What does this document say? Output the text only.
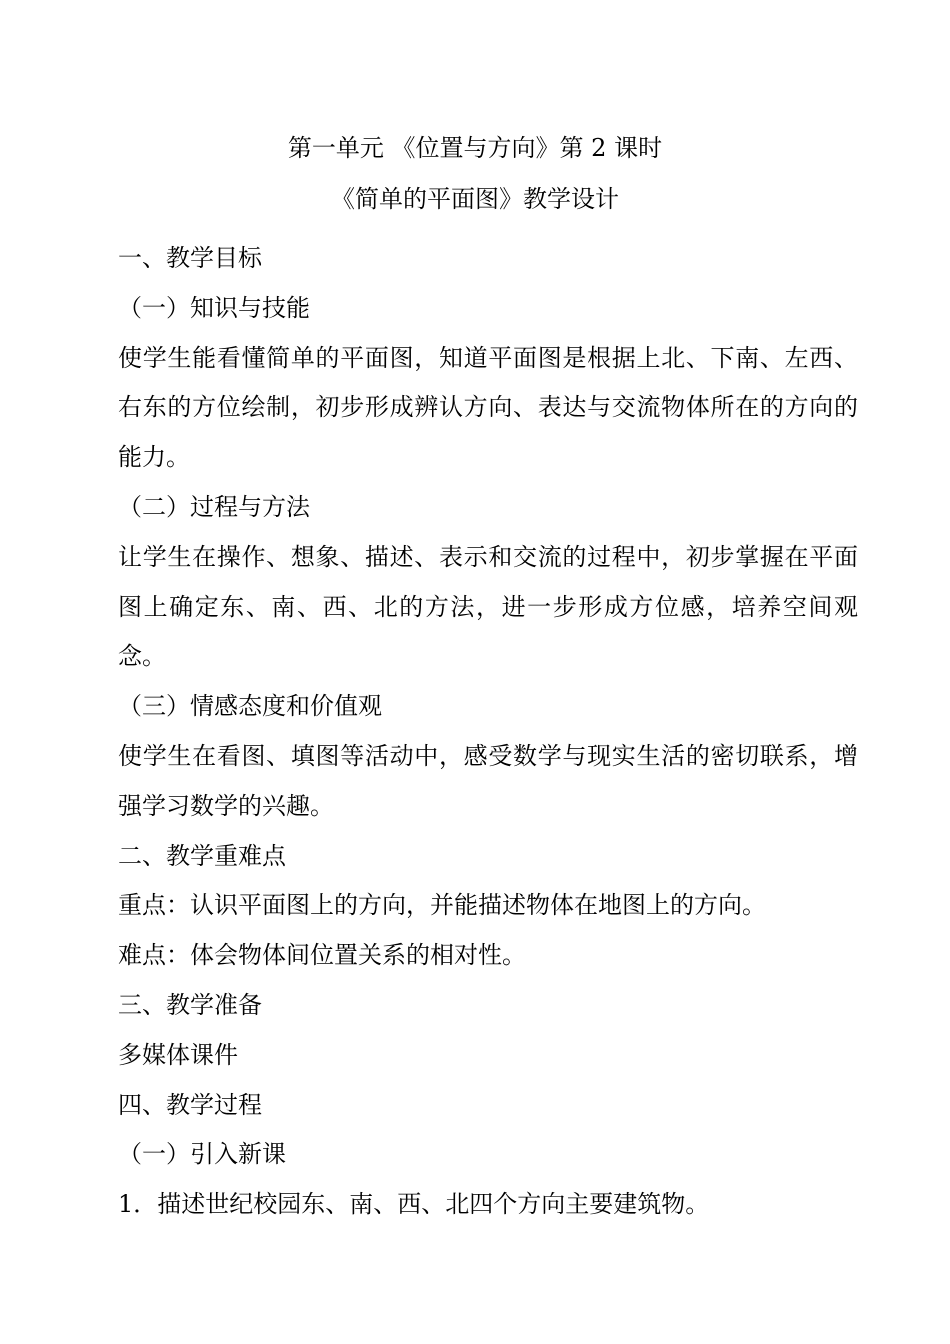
第一单元 《位置与方向》第 2 课时
《简单的平面图》教学设计
一、教学目标
（一）知识与技能
使学生能看懂简单的平面图，知道平面图是根据上北、下南、左西、右东的方位绘制，初步形成辨认方向、表达与交流物体所在的方向的能力。
（二）过程与方法
让学生在操作、想象、描述、表示和交流的过程中，初步掌握在平面图上确定东、南、西、北的方法，进一步形成方位感，培养空间观念。
（三）情感态度和价值观
使学生在看图、填图等活动中，感受数学与现实生活的密切联系，增强学习数学的兴趣。
二、教学重难点
重点：认识平面图上的方向，并能描述物体在地图上的方向。
难点：体会物体间位置关系的相对性。
三、教学准备
多媒体课件
四、教学过程
（一）引入新课
1．描述世纪校园东、南、西、北四个方向主要建筑物。
